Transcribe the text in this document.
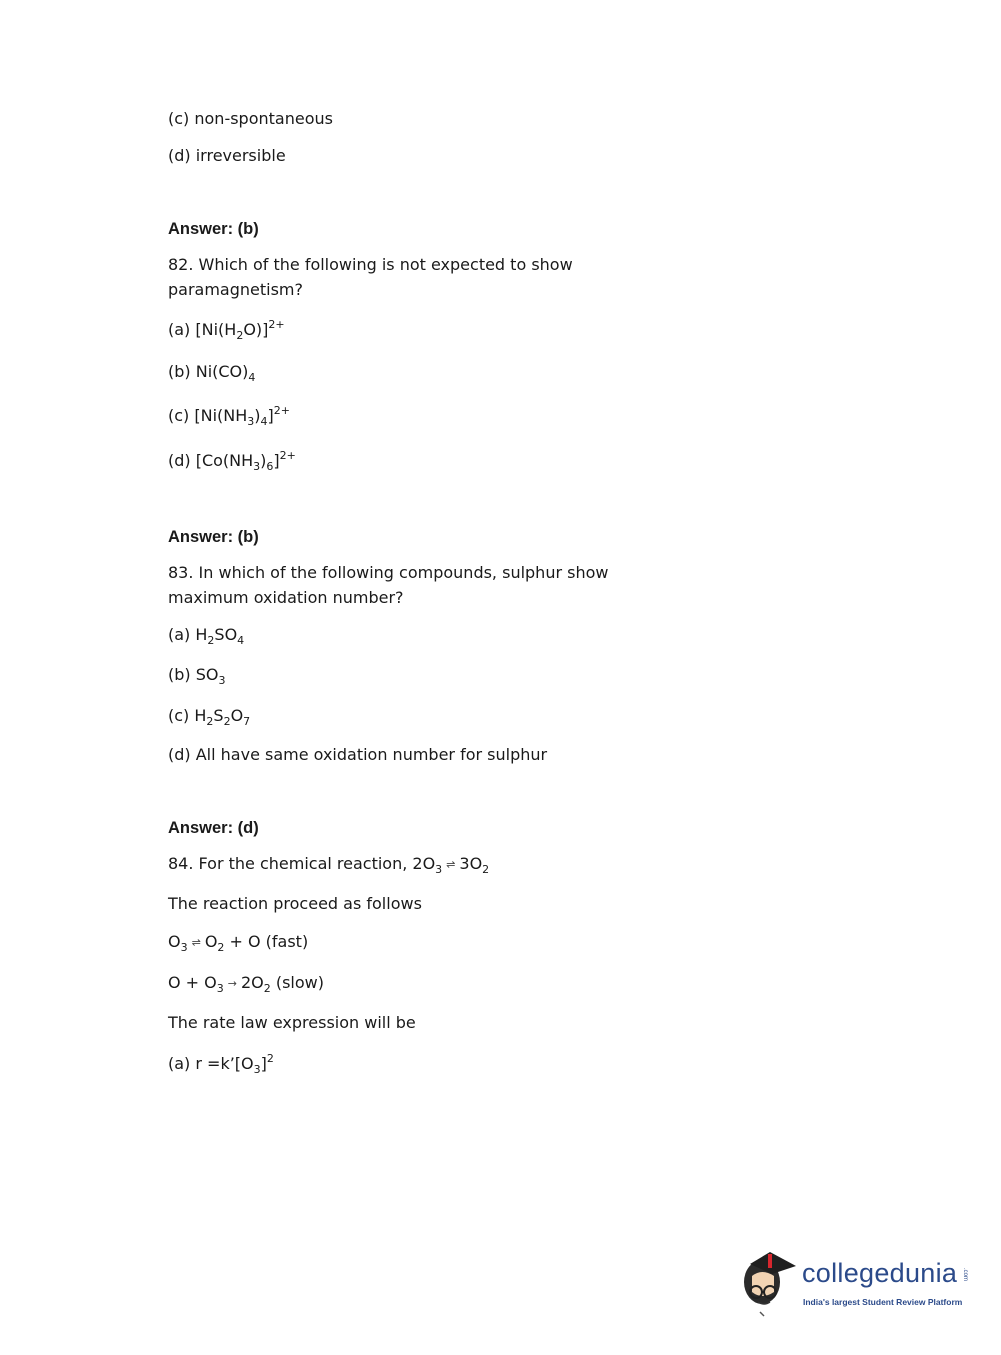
(c) non-spontaneous
(d) irreversible
Answer: (b)
82. Which of the following is not expected to show
paramagnetism?
(a) $[Ni(H_2O)]^{2+}$
(b) $Ni(CO)_4$
(c) $[Ni(NH_3)_4]^{2+}$
(d) $[Co(NH_3)_6]^{2+}$
Answer: (b)
83. In which of the following compounds, sulphur show
maximum oxidation number?
(a) $H_2SO_4$
(b) $SO_3$
(c) $H_2S_2O_7$
(d) All have same oxidation number for sulphur
Answer: (d)
84. For the chemical reaction, $2O_3$ ⇌ $3O_2$
The reaction proceed as follows
$O_3$ ⇌ $O_2 + O$ (fast)
$O + O_3 \to 2O_2$ (slow)
The rate law expression will be
(a) $r =k’[O_3]^2$
collegedunia .com
India's largest Student Review Platform
